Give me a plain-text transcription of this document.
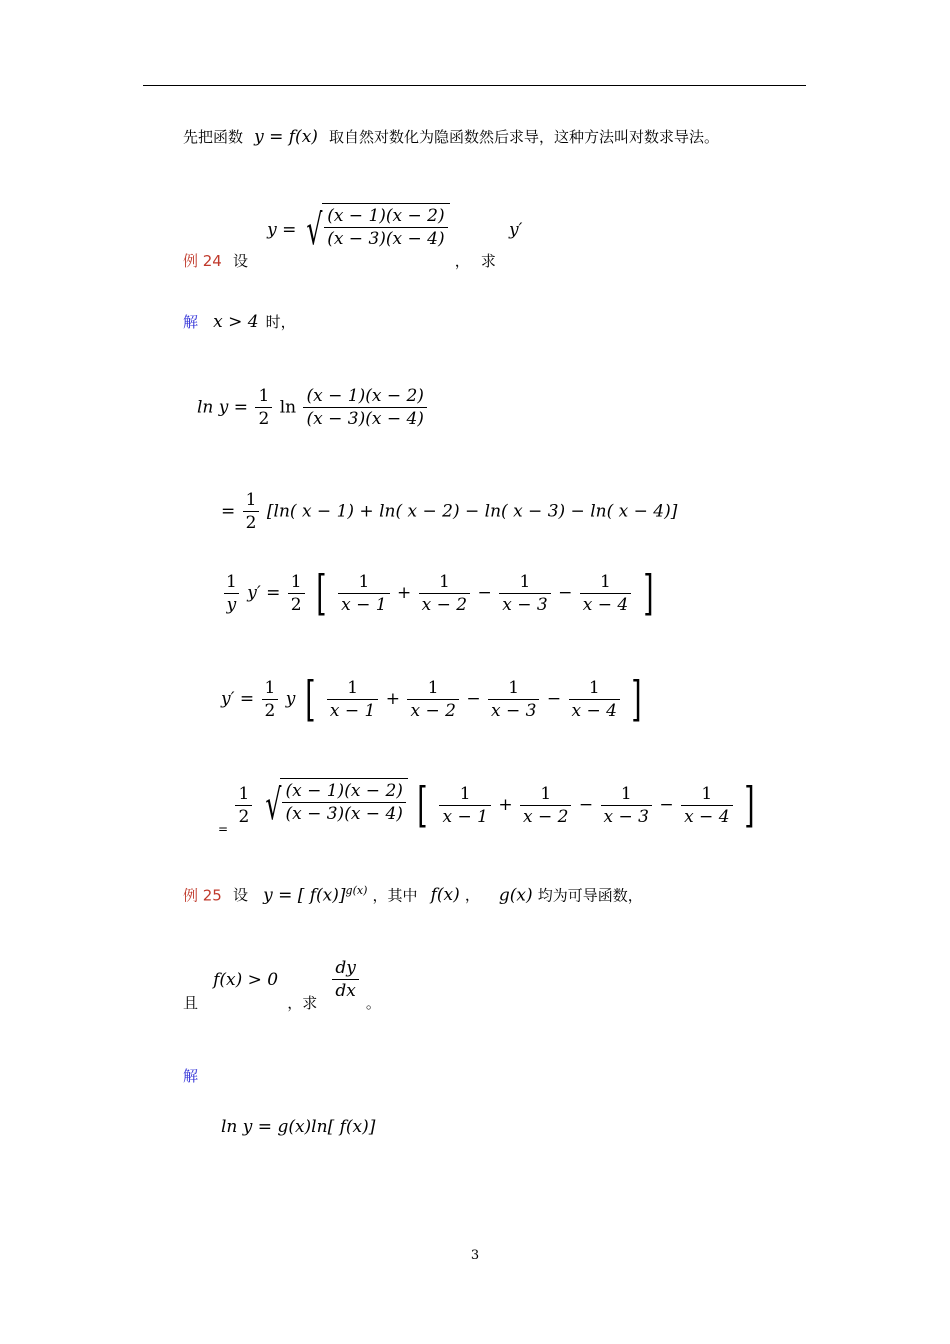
先把函数 y = f(x) 取自然对数化为隐函数然后求导，这种方法叫对数求导法。
例 24 设 y = √ $\frac{(x - 1)(x - 2)}{(x - 3)(x - 4)}$
， 求 y′
解 x > 4 时，
$\ln y = \frac{1}{2}$ $\ln \frac{(x - 1)(x - 2)}{(x - 3)(x - 4)}$
= $\frac{1}{2} [\ln$( x − 1) + ln( x − 2) − ln( x − 3) − ln( x − 4)]
$\frac{1}{y} y' = \frac{1}{2}$ [ $\frac{1}{x - 1} + \frac{1}{x - 2} - \frac{1}{x - 3} - \frac{1}{x - 4}$ ]
$y' = \frac{1}{2}$ y [ $\frac{1}{x - 1} + \frac{1}{x - 2} - \frac{1}{x - 3} - \frac{1}{x - 4}$ ]
=
$\frac{1}{2}$
√ $\frac{(x - 1)(x - 2)}{(x - 3)(x - 4)}$ [ $\frac{1}{x - 1} + \frac{1}{x - 2} - \frac{1}{x - 3} - \frac{1}{x - 4}$ ]
例 25 设 y = [ f(x)]$^{g(x)}$ ，其中 f(x) ， g(x) 均为可导函数，
且 f(x) > 0 ，求
$\frac{dy}{dx}$
。
解
ln y = g(x)ln[ f(x)]
3
